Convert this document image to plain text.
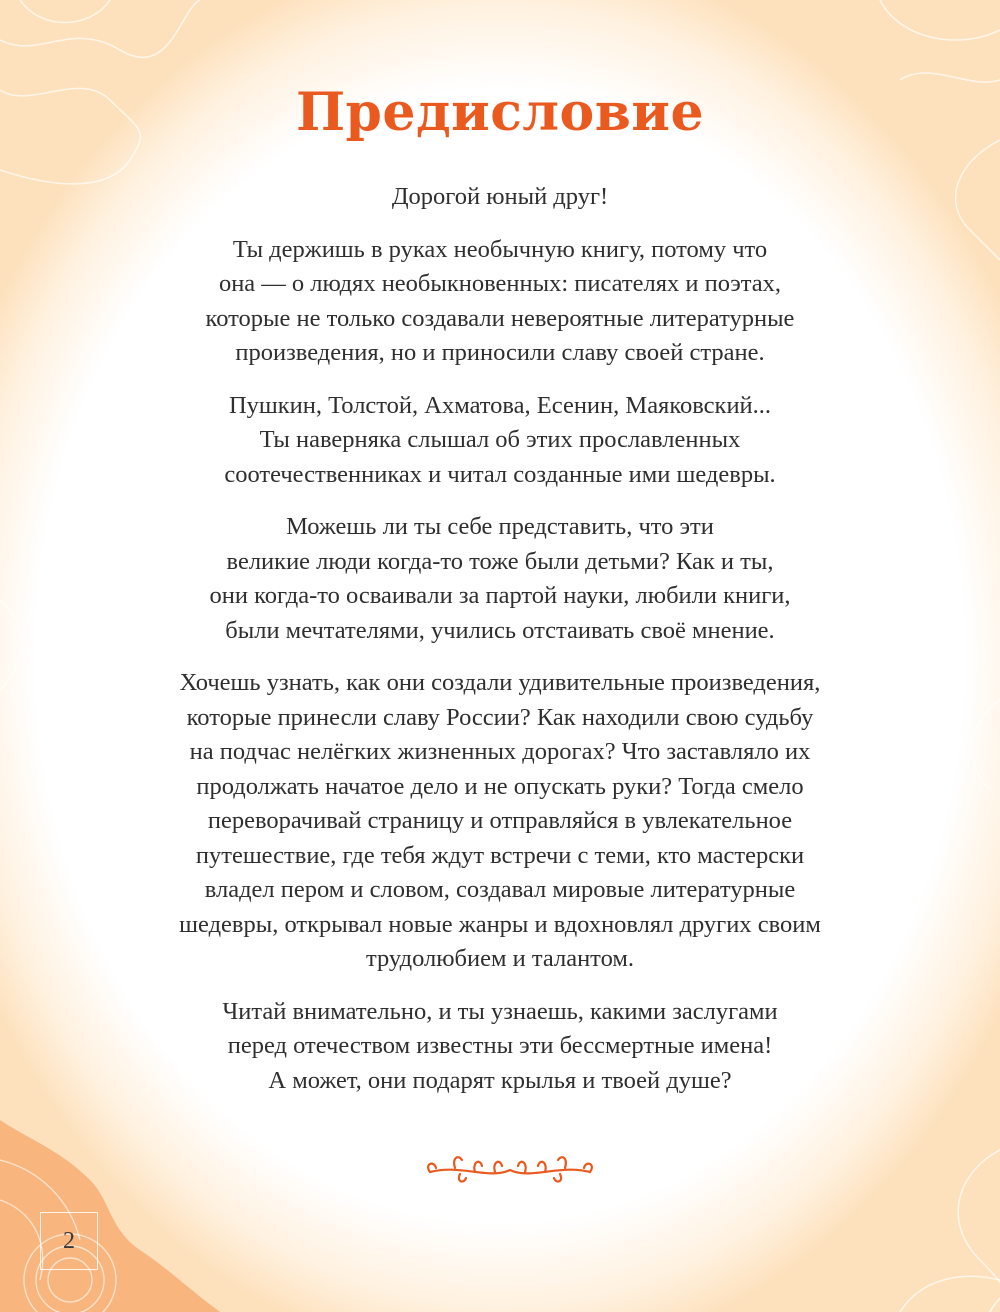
Предисловие

Дорогой юный друг!

Ты держишь в руках необычную книгу, потому что
она — о людях необыкновенных: писателях и поэтах,
которые не только создавали невероятные литературные
произведения, но и приносили славу своей стране.

Пушкин, Толстой, Ахматова, Есенин, Маяковский...
Ты наверняка слышал об этих прославленных
соотечественниках и читал созданные ими шедевры.

Можешь ли ты себе представить, что эти
великие люди когда-то тоже были детьми? Как и ты,
они когда-то осваивали за партой науки, любили книги,
были мечтателями, учились отстаивать своё мнение.

Хочешь узнать, как они создали удивительные произведения,
которые принесли славу России? Как находили свою судьбу
на подчас нелёгких жизненных дорогах? Что заставляло их
продолжать начатое дело и не опускать руки? Тогда смело
переворачивай страницу и отправляйся в увлекательное
путешествие, где тебя ждут встречи с теми, кто мастерски
владел пером и словом, создавал мировые литературные
шедевры, открывал новые жанры и вдохновлял других своим
трудолюбием и талантом.

Читай внимательно, и ты узнаешь, какими заслугами
перед отечеством известны эти бессмертные имена!
А может, они подарят крылья и твоей душе?

2
